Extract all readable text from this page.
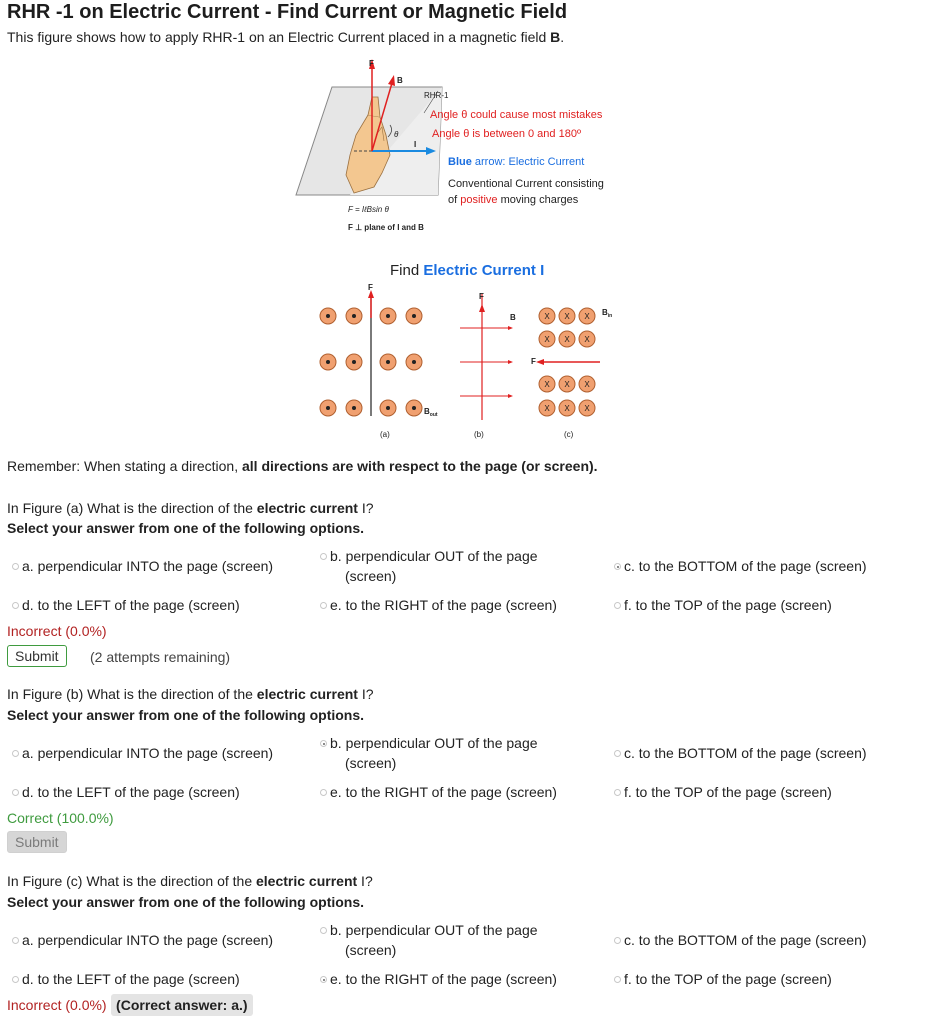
RHR -1 on Electric Current - Find Current or Magnetic Field
This figure shows how to apply RHR-1 on an Electric Current placed in a magnetic field B.
F
B
I
θ
RHR-1
Angle θ could cause most mistakes
Angle θ is between 0 and 180º
Blue arrow: Electric Current
Conventional Current consisting
of positive moving charges
F = IℓBsin θ
F ⊥ plane of I and B
Find Electric Current I
F
$B_{out}$
(a)
F
B
(b)
X X X
X X X
X X X
X X X
F
$B_{in}$
(c)
Remember: When stating a direction, all directions are with respect to the page (or screen).
In Figure (a) What is the direction of the electric current I?
Select your answer from one of the following options.
a. perpendicular INTO the page (screen)
b. perpendicular OUT of the page
(screen)
c. to the BOTTOM of the page (screen)
d. to the LEFT of the page (screen)	e. to the RIGHT of the page (screen)	f. to the TOP of the page (screen)
Incorrect (0.0%)
Submit	(2 attempts remaining)
In Figure (b) What is the direction of the electric current I?
Select your answer from one of the following options.
a. perpendicular INTO the page (screen)
b. perpendicular OUT of the page
(screen)
c. to the BOTTOM of the page (screen)
d. to the LEFT of the page (screen)	e. to the RIGHT of the page (screen)	f. to the TOP of the page (screen)
Correct (100.0%)
Submit
In Figure (c) What is the direction of the electric current I?
Select your answer from one of the following options.
a. perpendicular INTO the page (screen)
b. perpendicular OUT of the page
(screen)
c. to the BOTTOM of the page (screen)
d. to the LEFT of the page (screen)	e. to the RIGHT of the page (screen)	f. to the TOP of the page (screen)
Incorrect (0.0%) (Correct answer: a.)
